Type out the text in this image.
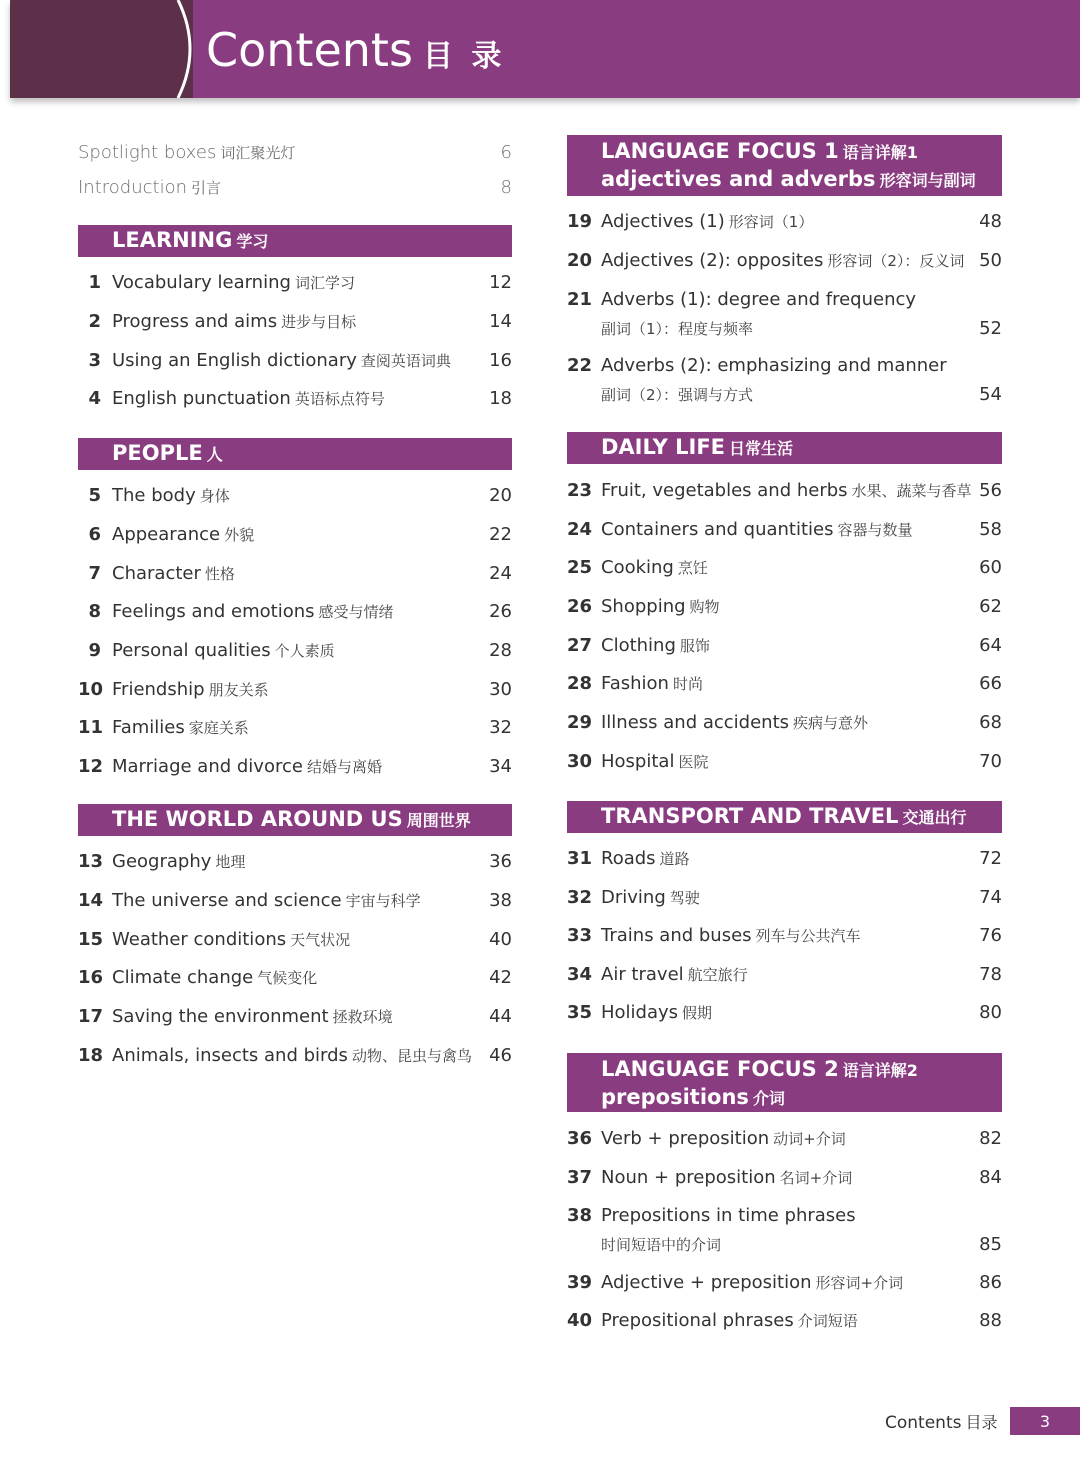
Contents 目 录
Spotlight boxes 词汇聚光灯	6
Introduction 引言	8
LEARNING 学习
1 Vocabulary learning 词汇学习	12
2 Progress and aims 进步与目标	14
3 Using an English dictionary 查阅英语词典 16
4 English punctuation 英语标点符号	18
PEOPLE 人
5 The body 身体	20
6 Appearance 外貌	22
7 Character 性格	24
8 Feelings and emotions 感受与情绪	26
9 Personal qualities 个人素质	28
10 Friendship 朋友关系	30
11 Families 家庭关系	32
12 Marriage and divorce 结婚与离婚	34
THE WORLD AROUND US 周围世界
13 Geography 地理	36
14 The universe and science 宇宙与科学	38
15 Weather conditions 天气状况	40
16 Climate change 气候变化	42
17 Saving the environment 拯救环境	44
18 Animals, insects and birds 动物、昆虫与禽鸟 46
LANGUAGE FOCUS 1 语言详解1
adjectives and adverbs 形容词与副词
19 Adjectives (1) 形容词（1）	48
20 Adjectives (2): opposites 形容词（2）：反义词 50
21 Adverbs (1): degree and frequency
副词（1）：程度与频率	52
22 Adverbs (2): emphasizing and manner
副词（2）：强调与方式	54
DAILY LIFE 日常生活
23 Fruit, vegetables and herbs 水果、蔬菜与香草 56
24 Containers and quantities 容器与数量	58
25 Cooking 烹饪	60
26 Shopping 购物	62
27 Clothing 服饰	64
28 Fashion 时尚	66
29 Illness and accidents 疾病与意外	68
30 Hospital 医院	70
TRANSPORT AND TRAVEL 交通出行
31 Roads 道路	72
32 Driving 驾驶	74
33 Trains and buses 列车与公共汽车	76
34 Air travel 航空旅行	78
35 Holidays 假期	80
LANGUAGE FOCUS 2 语言详解2
prepositions 介词
36 Verb + preposition 动词+介词	82
37 Noun + preposition 名词+介词	84
38 Prepositions in time phrases
时间短语中的介词	85
39 Adjective + preposition 形容词+介词	86
40 Prepositional phrases 介词短语	88
Contents 目录	3
